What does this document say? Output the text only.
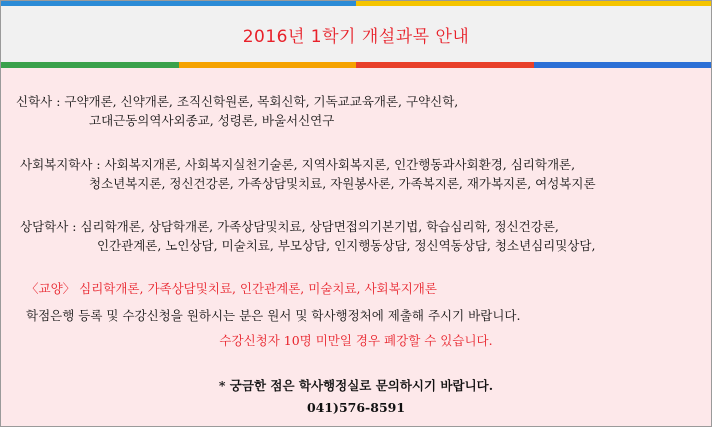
2016년 1학기 개설과목 안내
신학사 : 구약개론, 신약개론, 조직신학원론, 목회신학, 기독교교육개론, 구약신학,
고대근동의역사외종교, 성령론, 바울서신연구
사회복지학사 : 사회복지개론, 사회복지실천기술론, 지역사회복지론, 인간행동과사회환경, 심리학개론,
청소년복지론, 정신건강론, 가족상담및치료, 자원봉사론, 가족복지론, 재가복지론, 여성복지론
상담학사 : 심리학개론, 상담학개론, 가족상담및치료, 상담면접의기본기법, 학습심리학, 정신건강론,
인간관계론, 노인상담, 미술치료, 부모상담, 인지행동상담, 정신역동상담, 청소년심리및상담,
〈교양〉 심리학개론, 가족상담및치료, 인간관계론, 미술치료, 사회복지개론
학점은행 등록 및 수강신청을 원하시는 분은 원서 및 학사행정처에 제출해 주시기 바랍니다.
수강신청자 10명 미만일 경우 폐강할 수 있습니다.
* 궁금한 점은 학사행정실로 문의하시기 바랍니다.
041)576-8591
